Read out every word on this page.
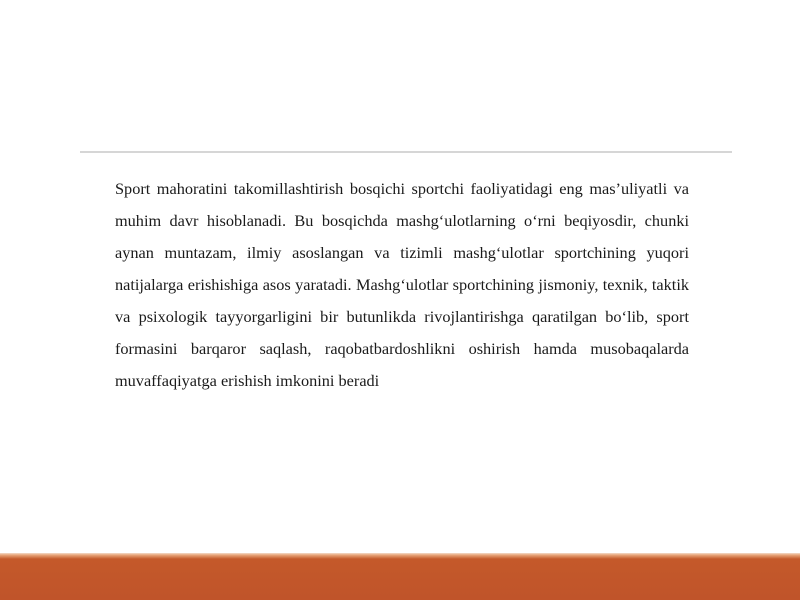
Sport mahoratini takomillashtirish bosqichi sportchi faoliyatidagi eng mas’uliyatli va muhim davr hisoblanadi. Bu bosqichda mashg‘ulotlarning o‘rni beqiyosdir, chunki aynan muntazam, ilmiy asoslangan va tizimli mashg‘ulotlar sportchining yuqori natijalarga erishishiga asos yaratadi. Mashg‘ulotlar sportchining jismoniy, texnik, taktik va psixologik tayyorgarligini bir butunlikda rivojlantirishga qaratilgan bo‘lib, sport formasini barqaror saqlash, raqobatbardoshlikni oshirish hamda musobaqalarda muvaffaqiyatga erishish imkonini beradi
